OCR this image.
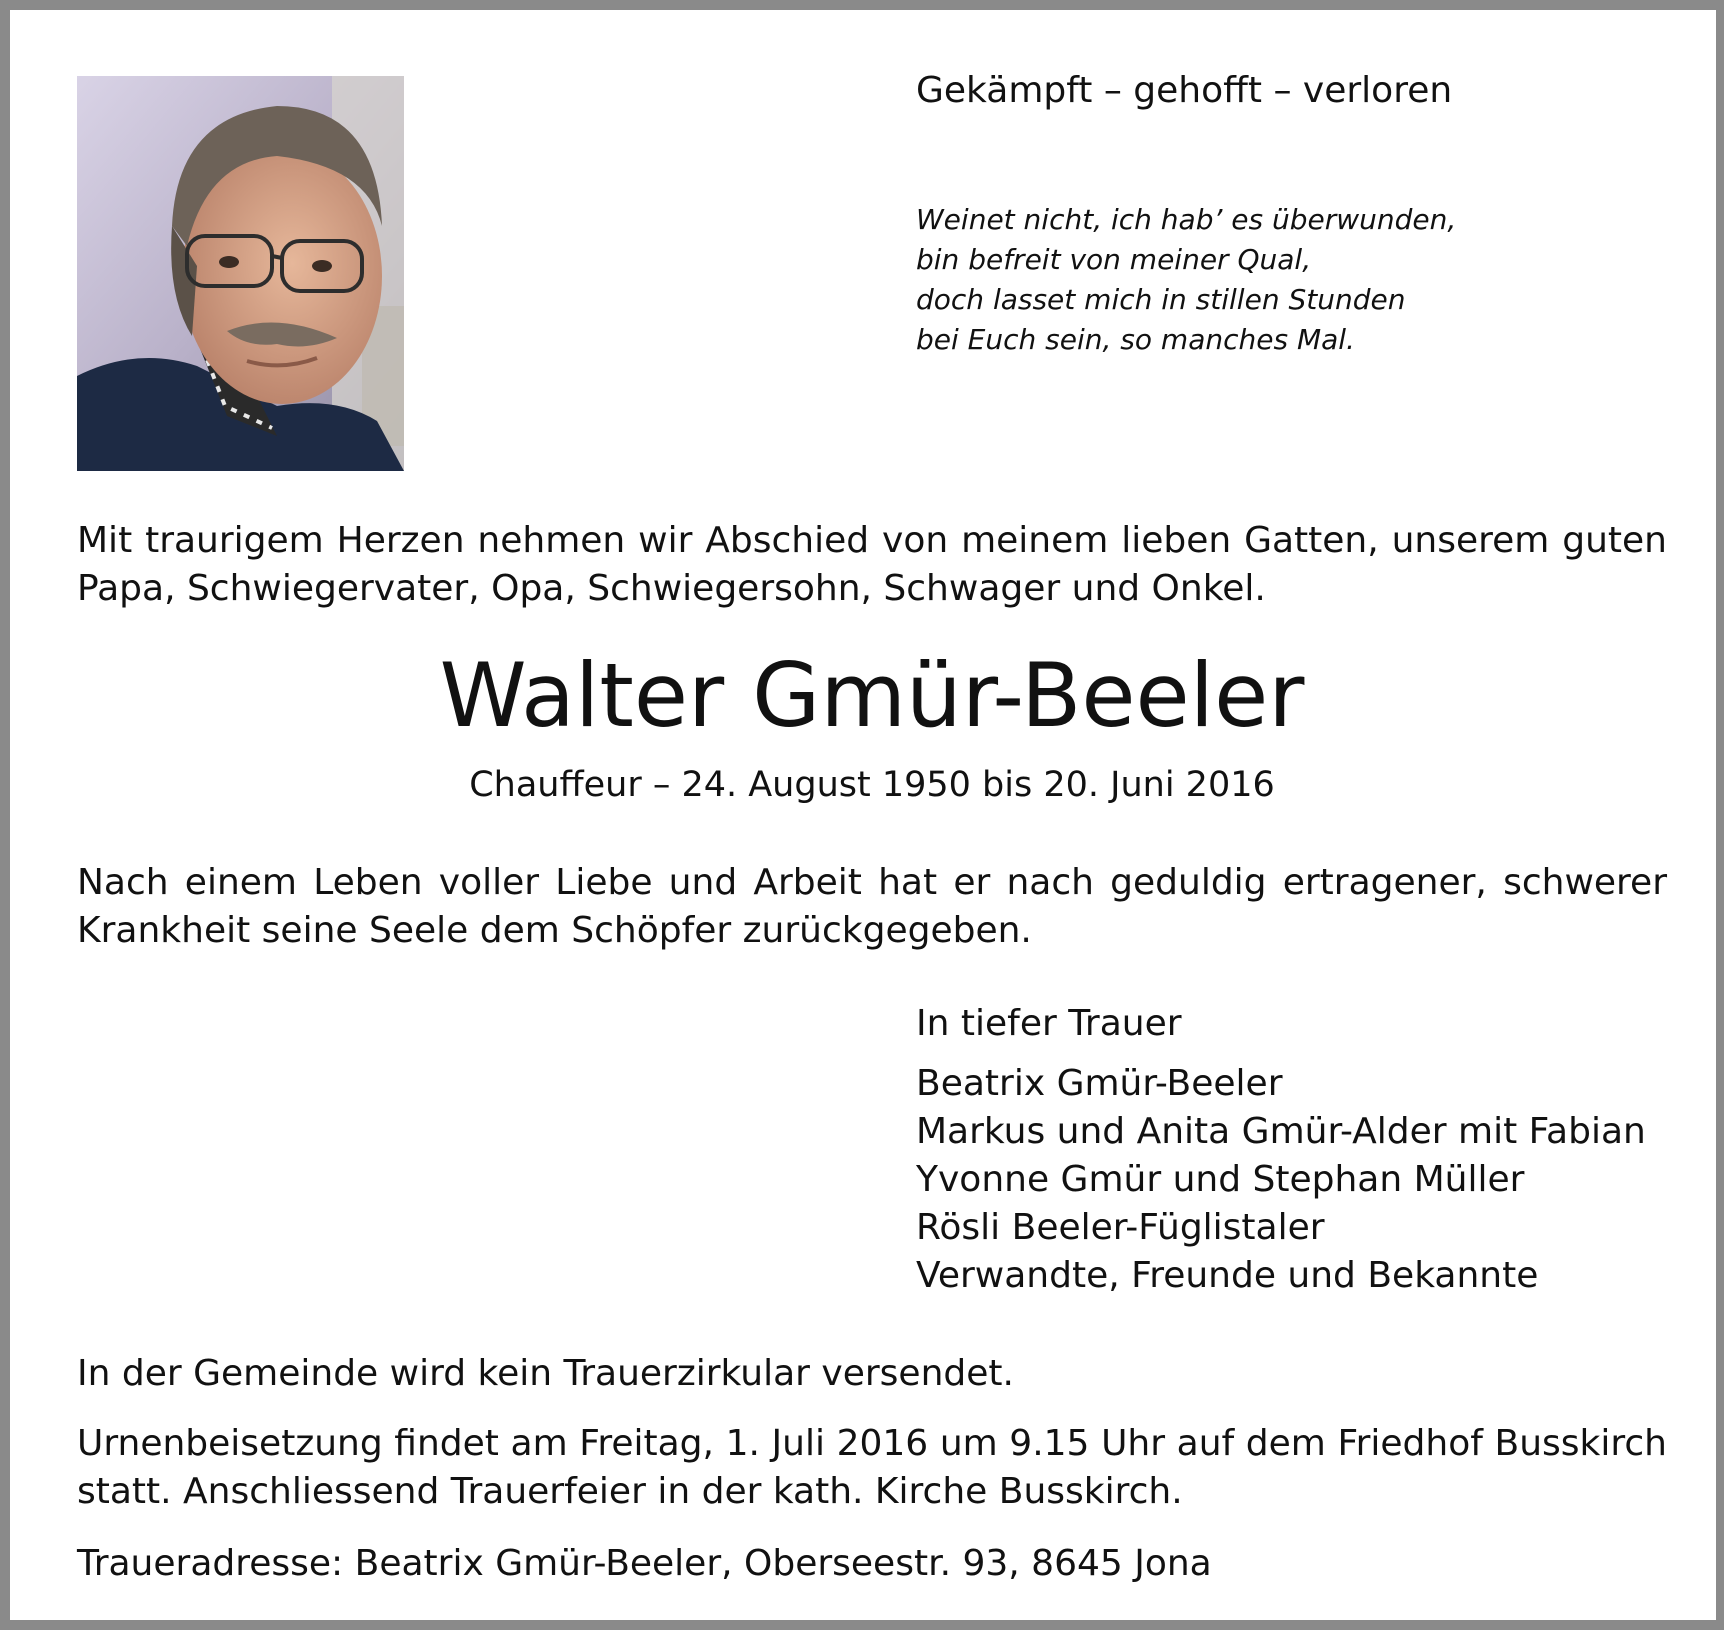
Gekämpft – gehofft – verloren
Weinet nicht, ich hab’ es überwunden,
bin befreit von meiner Qual,
doch lasset mich in stillen Stunden
bei Euch sein, so manches Mal.
Mit traurigem Herzen nehmen wir Abschied von meinem lieben Gatten, unserem guten Papa, Schwiegervater, Opa, Schwiegersohn, Schwager und Onkel.
Walter Gmür-Beeler
Chauffeur – 24. August 1950 bis 20. Juni 2016
Nach einem Leben voller Liebe und Arbeit hat er nach geduldig ertragener, schwerer Krankheit seine Seele dem Schöpfer zurückgegeben.
In tiefer Trauer
Beatrix Gmür-Beeler
Markus und Anita Gmür-Alder mit Fabian
Yvonne Gmür und Stephan Müller
Rösli Beeler-Füglistaler
Verwandte, Freunde und Bekannte
In der Gemeinde wird kein Trauerzirkular versendet.
Urnenbeisetzung findet am Freitag, 1. Juli 2016 um 9.15 Uhr auf dem Friedhof Busskirch statt. Anschliessend Trauerfeier in der kath. Kirche Busskirch.
Traueradresse: Beatrix Gmür-Beeler, Oberseestr. 93, 8645 Jona
